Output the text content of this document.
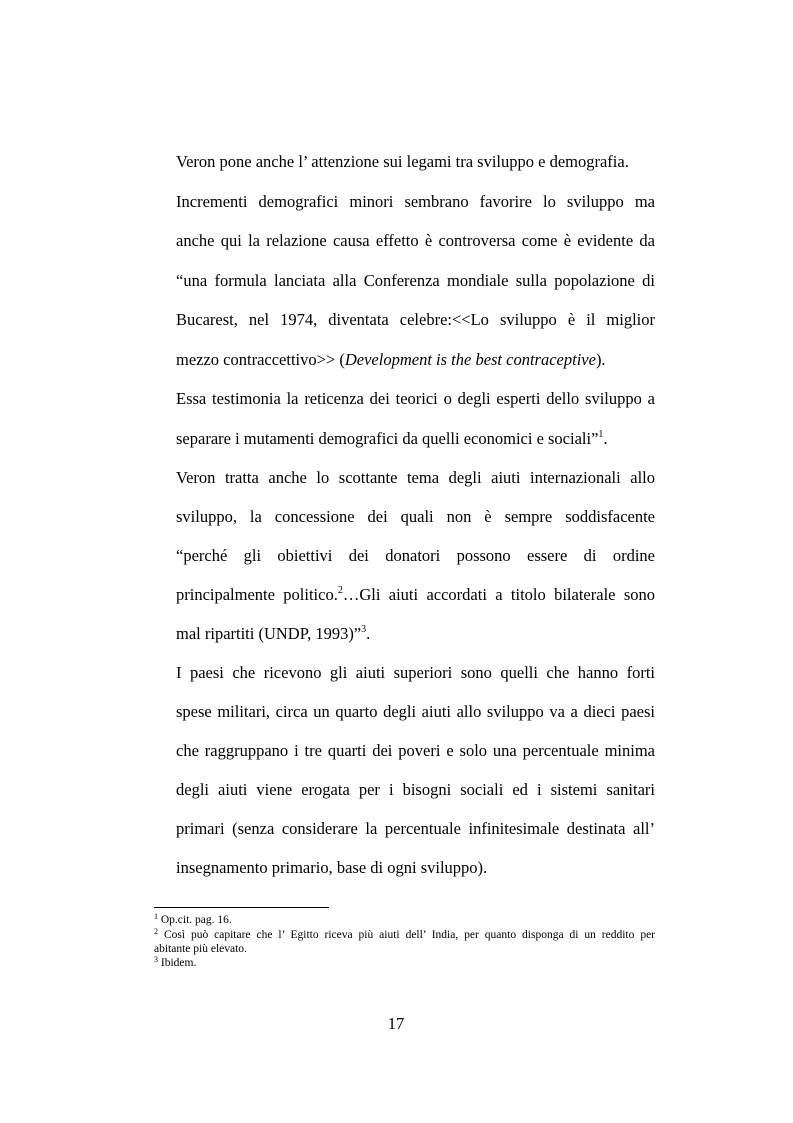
Veron pone anche l’ attenzione sui legami tra sviluppo e demografia.
Incrementi demografici minori sembrano favorire lo sviluppo ma
anche qui la relazione causa effetto è controversa come è evidente da
“una formula lanciata alla Conferenza mondiale sulla popolazione di
Bucarest, nel 1974, diventata celebre:<<Lo sviluppo è il miglior
mezzo contraccettivo>> (Development is the best contraceptive).
Essa testimonia la reticenza dei teorici o degli esperti dello sviluppo a
separare i mutamenti demografici da quelli economici e sociali”$^1$.
Veron tratta anche lo scottante tema degli aiuti internazionali allo
sviluppo, la concessione dei quali non è sempre soddisfacente
“perché gli obiettivi dei donatori possono essere di ordine
principalmente politico.$^2$…Gli aiuti accordati a titolo bilaterale sono
mal ripartiti (UNDP, 1993)”$^3$.
I paesi che ricevono gli aiuti superiori sono quelli che hanno forti
spese militari, circa un quarto degli aiuti allo sviluppo va a dieci paesi
che raggruppano i tre quarti dei poveri e solo una percentuale minima
degli aiuti viene erogata per i bisogni sociali ed i sistemi sanitari
primari (senza considerare la percentuale infinitesimale destinata all’
insegnamento primario, base di ogni sviluppo).
$^1$ Op.cit. pag. 16.
$^2$ Così può capitare che l’ Egitto riceva più aiuti dell’ India, per quanto disponga di un reddito per
abitante più elevato.
$^3$ Ibidem.
17
